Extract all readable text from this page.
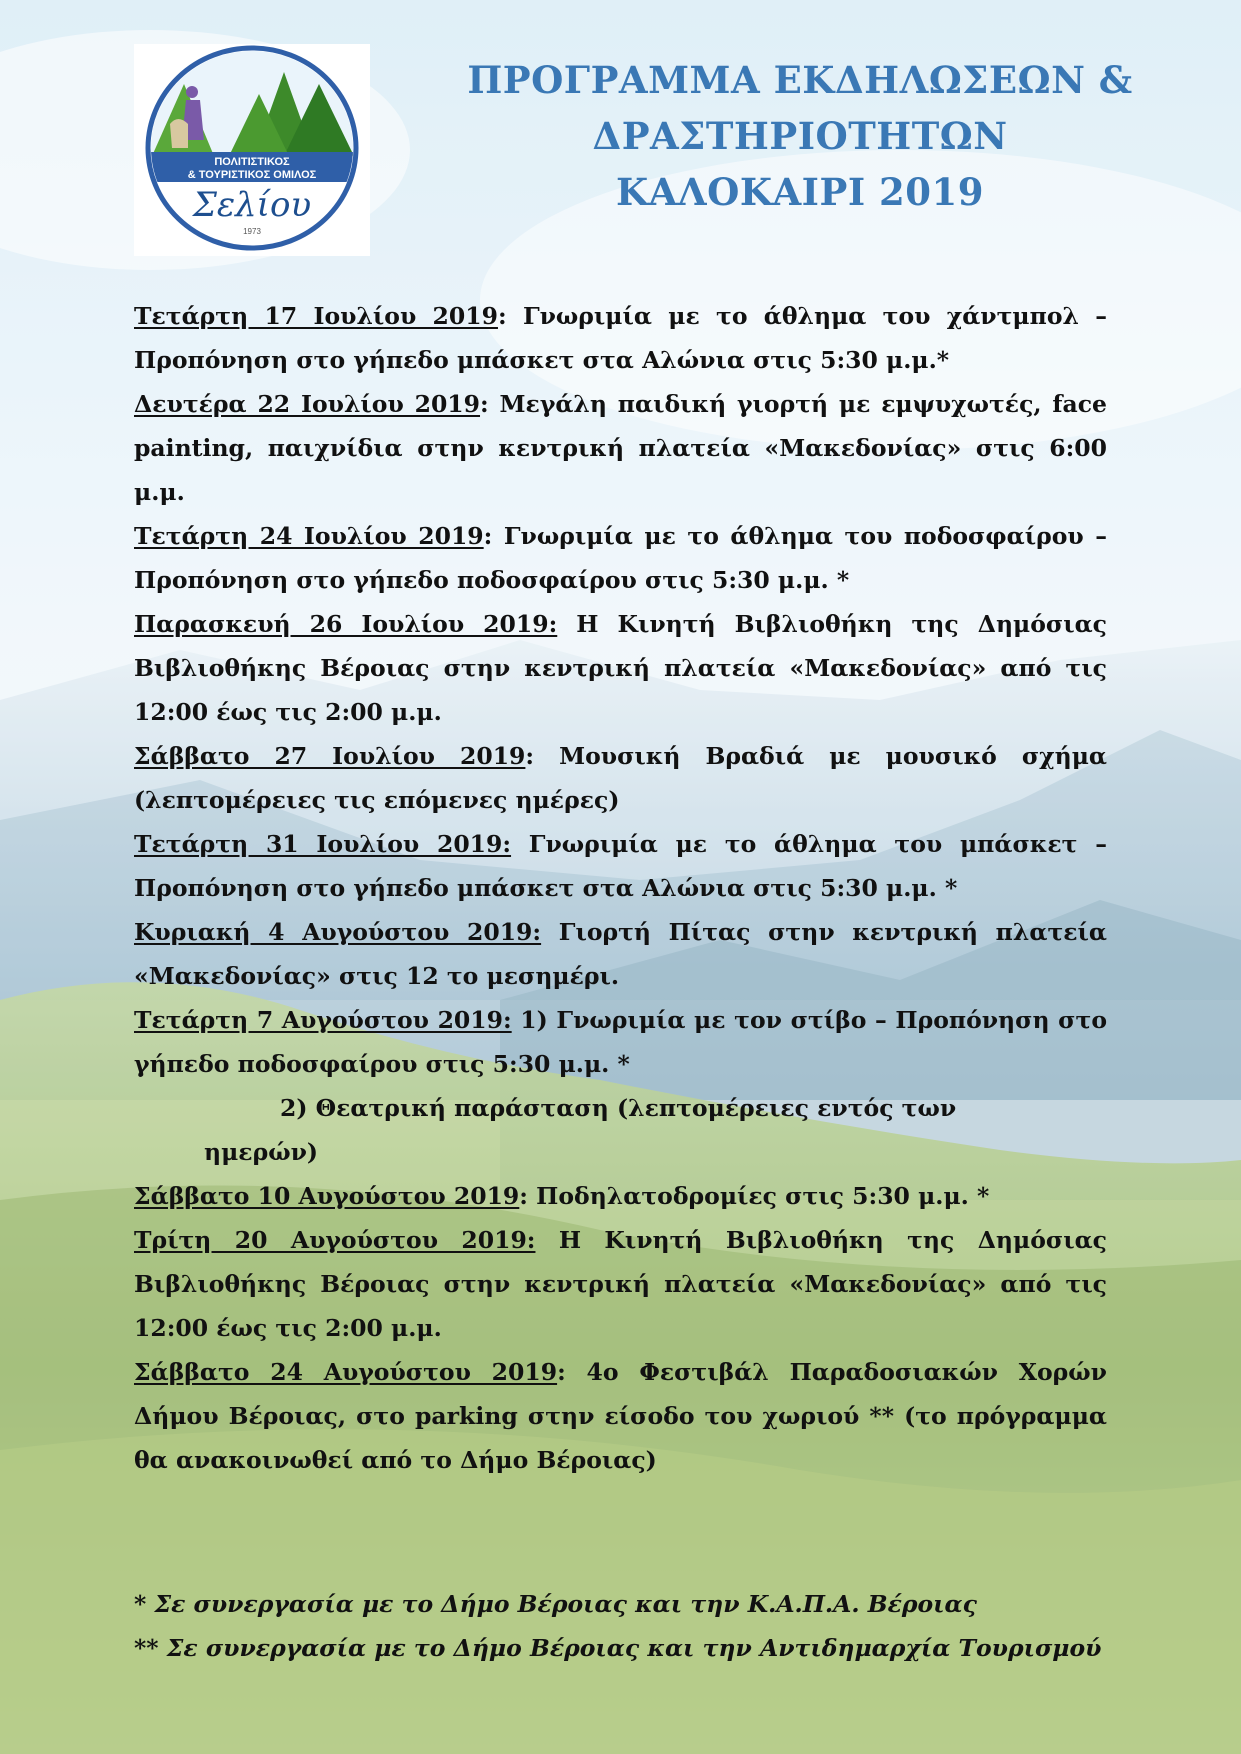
ΠΟΛΙΤΙΣΤΙΚΟΣ
& ΤΟΥΡΙΣΤΙΚΟΣ ΟΜΙΛΟΣ
Σελίου
1973
ΠΡΟΓΡΑΜΜΑ ΕΚΔΗΛΩΣΕΩΝ &
ΔΡΑΣΤΗΡΙΟΤΗΤΩΝ
ΚΑΛΟΚΑΙΡΙ 2019

Τετάρτη 17 Ιουλίου 2019: Γνωριμία με το άθλημα του χάντμπολ – Προπόνηση στο γήπεδο μπάσκετ στα Αλώνια στις 5:30 μ.μ.*

Δευτέρα 22 Ιουλίου 2019: Μεγάλη παιδική γιορτή με εμψυχωτές, face painting, παιχνίδια στην κεντρική πλατεία «Μακεδονίας» στις 6:00 μ.μ.

Τετάρτη 24 Ιουλίου 2019: Γνωριμία με το άθλημα του ποδοσφαίρου – Προπόνηση στο γήπεδο ποδοσφαίρου στις 5:30 μ.μ. *

Παρασκευή 26 Ιουλίου 2019: Η Κινητή Βιβλιοθήκη της Δημόσιας Βιβλιοθήκης Βέροιας στην κεντρική πλατεία «Μακεδονίας» από τις 12:00 έως τις 2:00 μ.μ.

Σάββατο 27 Ιουλίου 2019: Μουσική Βραδιά με μουσικό σχήμα (λεπτομέρειες τις επόμενες ημέρες)

Τετάρτη 31 Ιουλίου 2019: Γνωριμία με το άθλημα του μπάσκετ – Προπόνηση στο γήπεδο μπάσκετ στα Αλώνια στις 5:30 μ.μ. *

Κυριακή 4 Αυγούστου 2019: Γιορτή Πίτας στην κεντρική πλατεία «Μακεδονίας» στις 12 το μεσημέρι.

Τετάρτη 7 Αυγούστου 2019: 1) Γνωριμία με τον στίβο – Προπόνηση στο γήπεδο ποδοσφαίρου στις 5:30 μ.μ. *

2) Θεατρική παράσταση (λεπτομέρειες εντός των

ημερών)

Σάββατο 10 Αυγούστου 2019: Ποδηλατοδρομίες στις 5:30 μ.μ. *

Τρίτη 20 Αυγούστου 2019: Η Κινητή Βιβλιοθήκη της Δημόσιας Βιβλιοθήκης Βέροιας στην κεντρική πλατεία «Μακεδονίας» από τις 12:00 έως τις 2:00 μ.μ.

Σάββατο 24 Αυγούστου 2019: 4ο Φεστιβάλ Παραδοσιακών Χορών Δήμου Βέροιας, στο parking στην είσοδο του χωριού ** (το πρόγραμμα θα ανακοινωθεί από το Δήμο Βέροιας)

* Σε συνεργασία με το Δήμο Βέροιας και την Κ.Α.Π.Α. Βέροιας

** Σε συνεργασία με το Δήμο Βέροιας και την Αντιδημαρχία Τουρισμού
